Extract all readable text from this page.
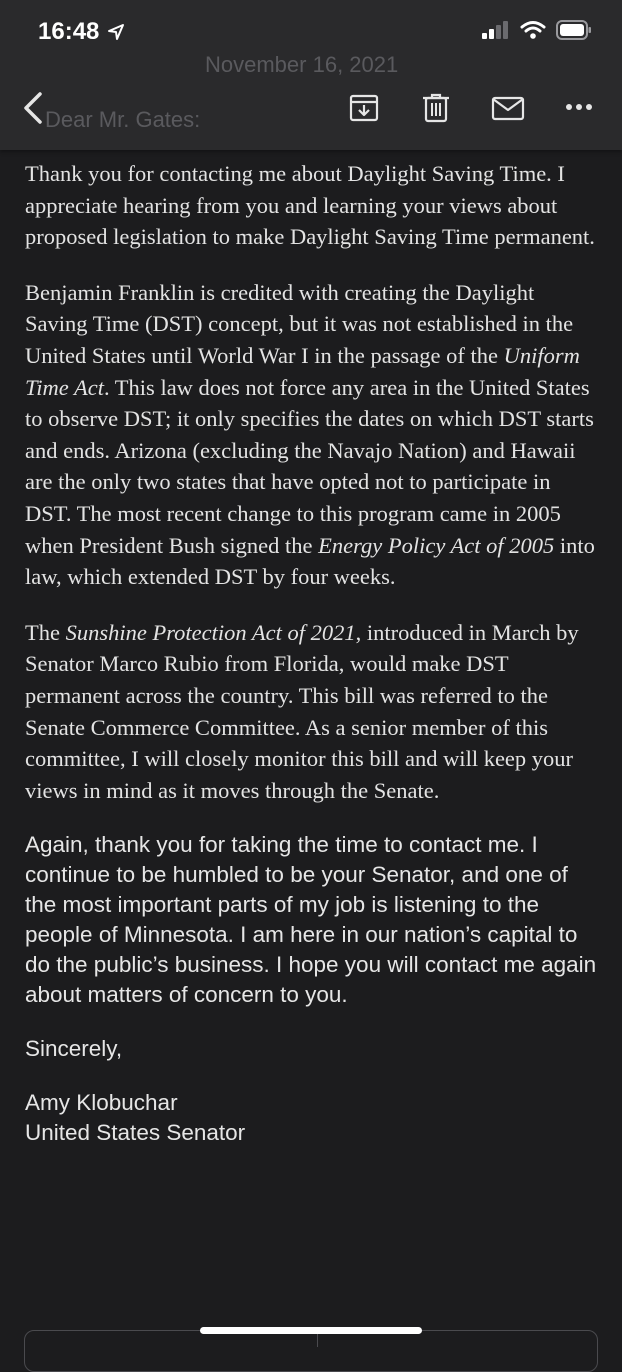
16:48
November 16, 2021
Dear Mr. Gates:

Thank you for contacting me about Daylight Saving Time. I appreciate hearing from you and learning your views about proposed legislation to make Daylight Saving Time permanent.

Benjamin Franklin is credited with creating the Daylight Saving Time (DST) concept, but it was not established in the United States until World War I in the passage of the Uniform Time Act. This law does not force any area in the United States to observe DST; it only specifies the dates on which DST starts and ends. Arizona (excluding the Navajo Nation) and Hawaii are the only two states that have opted not to participate in DST. The most recent change to this program came in 2005 when President Bush signed the Energy Policy Act of 2005 into law, which extended DST by four weeks.

The Sunshine Protection Act of 2021, introduced in March by Senator Marco Rubio from Florida, would make DST permanent across the country. This bill was referred to the Senate Commerce Committee. As a senior member of this committee, I will closely monitor this bill and will keep your views in mind as it moves through the Senate.

Again, thank you for taking the time to contact me. I continue to be humbled to be your Senator, and one of the most important parts of my job is listening to the people of Minnesota. I am here in our nation’s capital to do the public’s business. I hope you will contact me again about matters of concern to you.

Sincerely,

Amy Klobuchar

United States Senator
